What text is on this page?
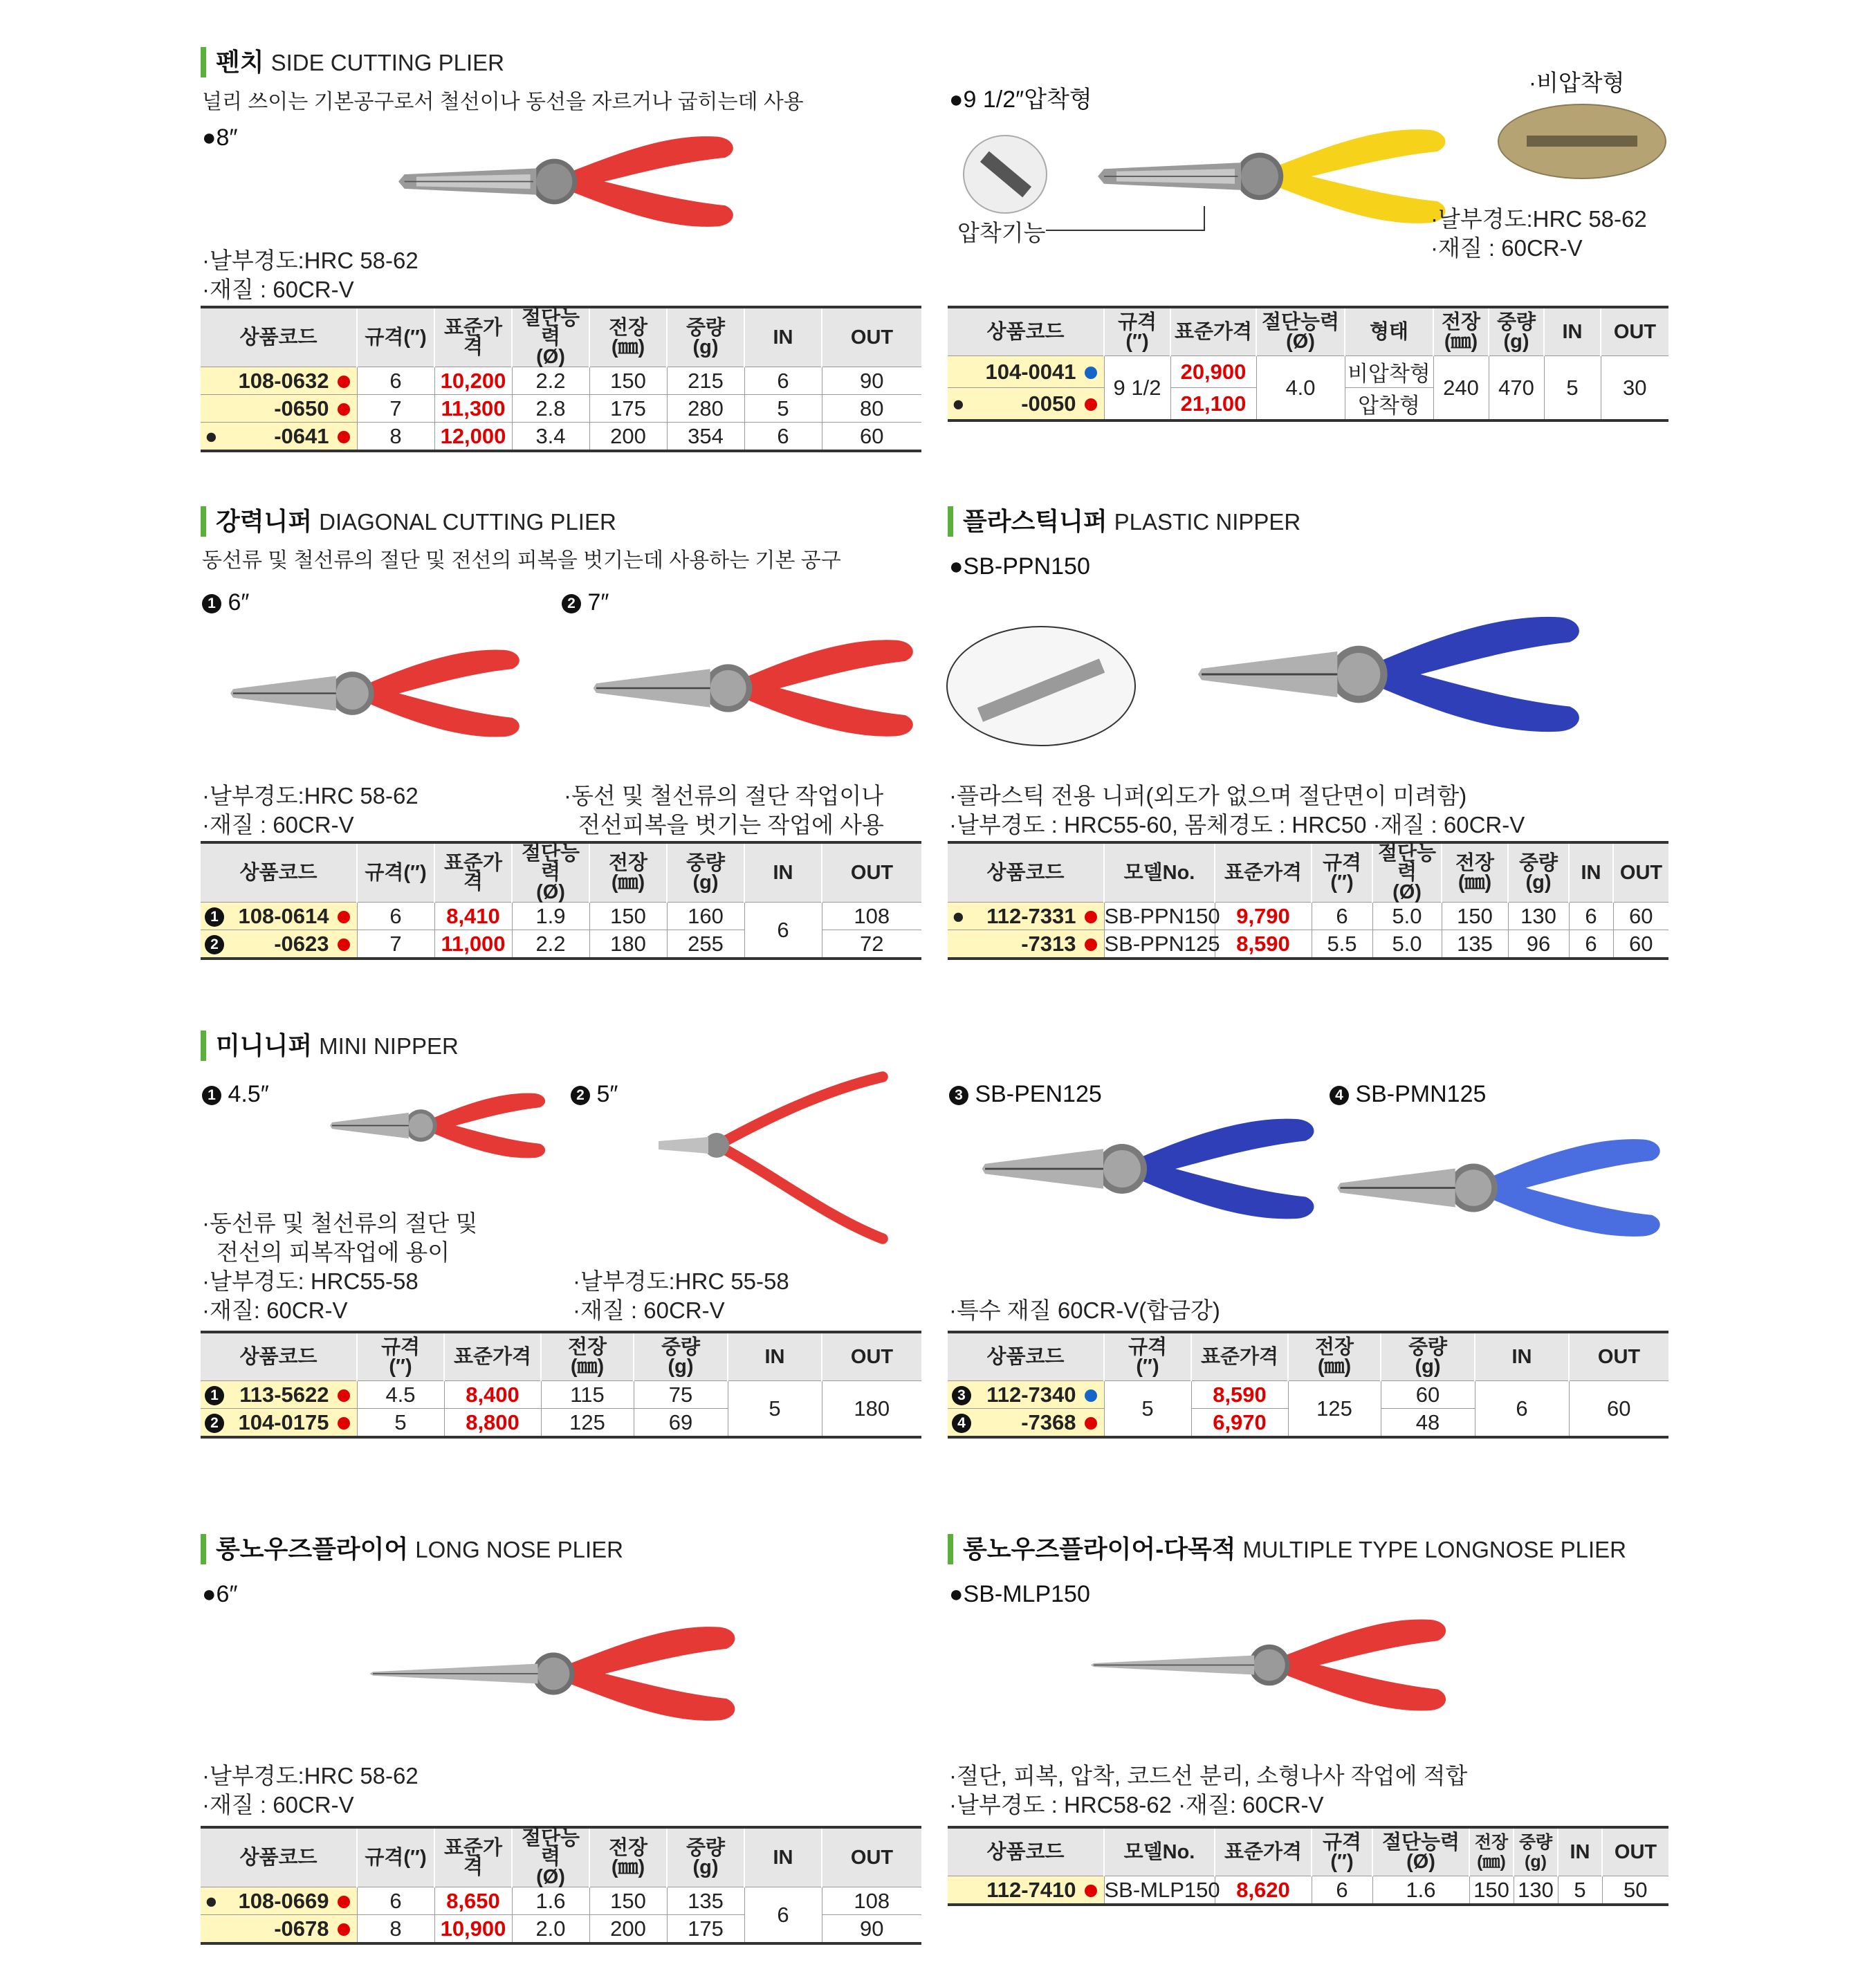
펜치 SIDE CUTTING PLIER
널리 쓰이는 기본공구로서 철선이나 동선을 자르거나 굽히는데 사용
●8″
·날부경도:HRC 58-62
·재질 : 60CR-V
상품코드	규격(″)	표준가격	절단능력
(Ø)	전장
(㎜)	중량
(g)	IN	OUT
108-0632	6	10,200	2.2	150	215	6	90
-0650	7	11,300	2.8	175	280	5	80

● -0641	8	12,000	3.4	200	354	6	60
●9 1/2″압착형
·비압착형
압착기능
·날부경도:HRC 58-62
·재질 : 60CR-V
상품코드	규격
(″)	표준가격	절단능력
(Ø)	형태	전장
(㎜)	중량
(g)	IN	OUT
104-0041	9 1/2	20,900	4.0	비압착형	240	470	5	30

● -0050		21,100		압착형				
강력니퍼 DIAGONAL CUTTING PLIER
동선류 및 철선류의 절단 및 전선의 피복을 벗기는데 사용하는 기본 공구
1 6″	2 7″
·날부경도:HRC 58-62
·재질 : 60CR-V
·동선 및 철선류의 절단 작업이나
전선피복을 벗기는 작업에 사용
상품코드	규격(″)	표준가격	절단능력
(Ø)	전장
(㎜)	중량
(g)	IN	OUT

1 108-0614	6	8,410	1.9	150	160	6	108

2 -0623	7	11,000	2.2	180	255		72
플라스틱니퍼 PLASTIC NIPPER
●SB-PPN150
·플라스틱 전용 니퍼(외도가 없으며 절단면이 미려함)
·날부경도 : HRC55-60, 몸체경도 : HRC50 ·재질 : 60CR-V
상품코드	모델No.	표준가격	규격
(″)	절단능력
(Ø)	전장
(㎜)	중량
(g)	IN	OUT

● 112-7331	SB-PPN150	9,790	6	5.0	150	130	6	60
-7313	SB-PPN125	8,590	5.5	5.0	135	96	6	60
미니니퍼 MINI NIPPER
1 4.5″	2 5″
·동선류 및 철선류의 절단 및
전선의 피복작업에 용이
·날부경도: HRC55-58
·재질: 60CR-V
·날부경도:HRC 55-58
·재질 : 60CR-V
상품코드	규격
(″)	표준가격	전장
(㎜)	중량
(g)	IN	OUT

1 113-5622	4.5	8,400	115	75	5	180

2 104-0175	5	8,800	125	69		
3 SB-PEN125	4 SB-PMN125
·특수 재질 60CR-V(합금강)
상품코드	규격
(″)	표준가격	전장
(㎜)	중량
(g)	IN	OUT

3 112-7340	5	8,590	125	60	6	60

4 -7368		6,970		48		
롱노우즈플라이어 LONG NOSE PLIER
●6″
·날부경도:HRC 58-62
·재질 : 60CR-V
상품코드	규격(″)	표준가격	절단능력
(Ø)	전장
(㎜)	중량
(g)	IN	OUT

● 108-0669	6	8,650	1.6	150	135	6	108
-0678	8	10,900	2.0	200	175		90
롱노우즈플라이어-다목적 MULTIPLE TYPE LONGNOSE PLIER
●SB-MLP150
·절단, 피복, 압착, 코드선 분리, 소형나사 작업에 적합
·날부경도 : HRC58-62 ·재질: 60CR-V
상품코드	모델No.	표준가격	규격
(″)	절단능력
(Ø)	전장
(㎜)	중량
(g)	IN	OUT
112-7410	SB-MLP150	8,620	6	1.6	150	130	5	50
